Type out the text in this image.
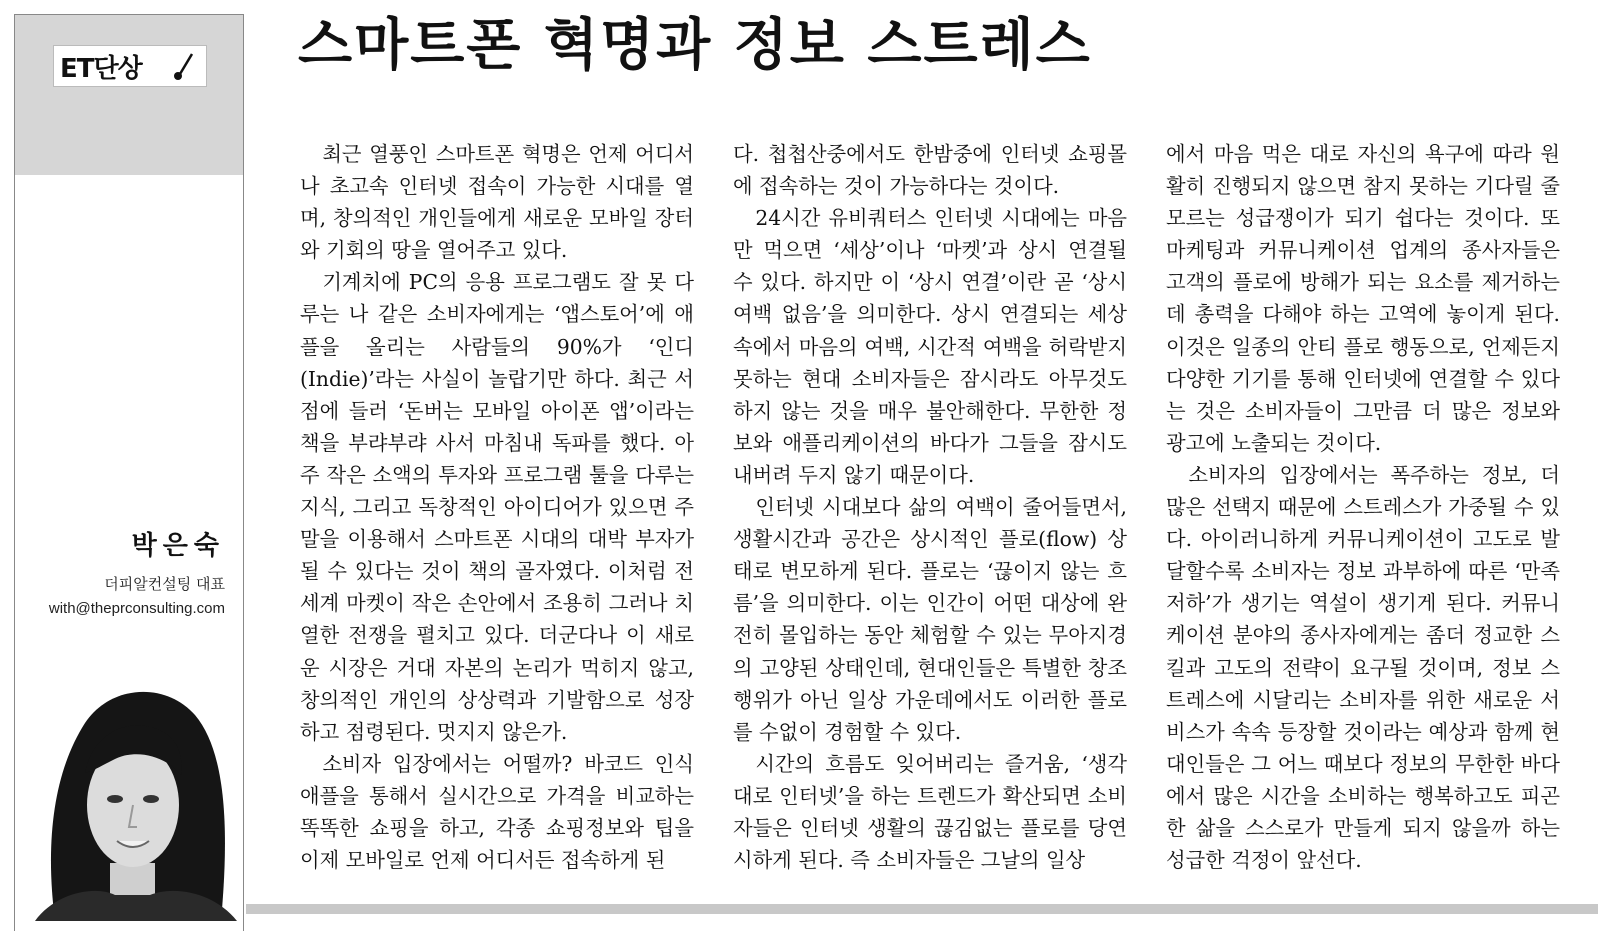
ET단상
박은숙
더피알컨설팅 대표
with@theprconsulting.com
스마트폰 혁명과 정보 스트레스

최근 열풍인 스마트폰 혁명은 언제 어디서나 초고속 인터넷 접속이 가능한 시대를 열며, 창의적인 개인들에게 새로운 모바일 장터와 기회의 땅을 열어주고 있다.

기계치에 PC의 응용 프로그램도 잘 못 다루는 나 같은 소비자에게는 ‘앱스토어’에 애플을 올리는 사람들의 90%가 ‘인디(Indie)’라는 사실이 놀랍기만 하다. 최근 서점에 들러 ‘돈버는 모바일 아이폰 앱’이라는 책을 부랴부랴 사서 마침내 독파를 했다. 아주 작은 소액의 투자와 프로그램 툴을 다루는 지식, 그리고 독창적인 아이디어가 있으면 주말을 이용해서 스마트폰 시대의 대박 부자가 될 수 있다는 것이 책의 골자였다. 이처럼 전 세계 마켓이 작은 손안에서 조용히 그러나 치열한 전쟁을 펼치고 있다. 더군다나 이 새로운 시장은 거대 자본의 논리가 먹히지 않고, 창의적인 개인의 상상력과 기발함으로 성장하고 점령된다. 멋지지 않은가.

소비자 입장에서는 어떨까? 바코드 인식 애플을 통해서 실시간으로 가격을 비교하는 똑똑한 쇼핑을 하고, 각종 쇼핑정보와 팁을 이제 모바일로 언제 어디서든 접속하게 된

다. 첩첩산중에서도 한밤중에 인터넷 쇼핑몰에 접속하는 것이 가능하다는 것이다.

24시간 유비쿼터스 인터넷 시대에는 마음만 먹으면 ‘세상’이나 ‘마켓’과 상시 연결될 수 있다. 하지만 이 ‘상시 연결’이란 곧 ‘상시 여백 없음’을 의미한다. 상시 연결되는 세상 속에서 마음의 여백, 시간적 여백을 허락받지 못하는 현대 소비자들은 잠시라도 아무것도 하지 않는 것을 매우 불안해한다. 무한한 정보와 애플리케이션의 바다가 그들을 잠시도 내버려 두지 않기 때문이다.

인터넷 시대보다 삶의 여백이 줄어들면서, 생활시간과 공간은 상시적인 플로(flow) 상태로 변모하게 된다. 플로는 ‘끊이지 않는 흐름’을 의미한다. 이는 인간이 어떤 대상에 완전히 몰입하는 동안 체험할 수 있는 무아지경의 고양된 상태인데, 현대인들은 특별한 창조 행위가 아닌 일상 가운데에서도 이러한 플로를 수없이 경험할 수 있다.

시간의 흐름도 잊어버리는 즐거움, ‘생각대로 인터넷’을 하는 트렌드가 확산되면 소비자들은 인터넷 생활의 끊김없는 플로를 당연시하게 된다. 즉 소비자들은 그날의 일상

에서 마음 먹은 대로 자신의 욕구에 따라 원활히 진행되지 않으면 참지 못하는 기다릴 줄 모르는 성급쟁이가 되기 쉽다는 것이다. 또 마케팅과 커뮤니케이션 업계의 종사자들은 고객의 플로에 방해가 되는 요소를 제거하는 데 총력을 다해야 하는 고역에 놓이게 된다. 이것은 일종의 안티 플로 행동으로, 언제든지 다양한 기기를 통해 인터넷에 연결할 수 있다는 것은 소비자들이 그만큼 더 많은 정보와 광고에 노출되는 것이다.

소비자의 입장에서는 폭주하는 정보, 더 많은 선택지 때문에 스트레스가 가중될 수 있다. 아이러니하게 커뮤니케이션이 고도로 발달할수록 소비자는 정보 과부하에 따른 ‘만족 저하’가 생기는 역설이 생기게 된다. 커뮤니케이션 분야의 종사자에게는 좀더 정교한 스킬과 고도의 전략이 요구될 것이며, 정보 스트레스에 시달리는 소비자를 위한 새로운 서비스가 속속 등장할 것이라는 예상과 함께 현대인들은 그 어느 때보다 정보의 무한한 바다에서 많은 시간을 소비하는 행복하고도 피곤한 삶을 스스로가 만들게 되지 않을까 하는 성급한 걱정이 앞선다.
